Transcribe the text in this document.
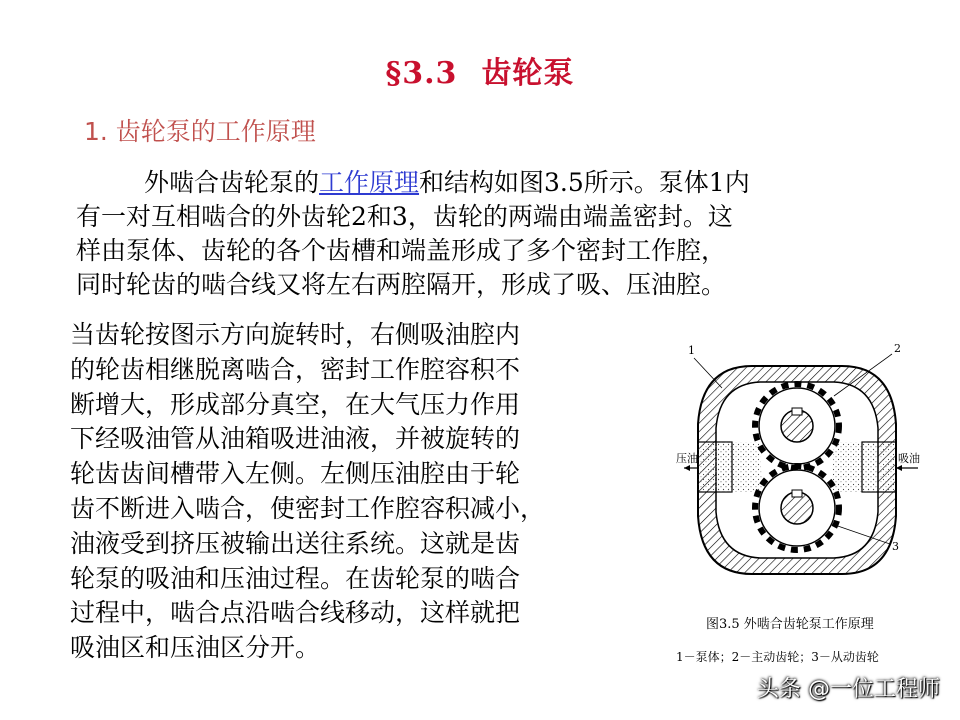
§3.3 齿轮泵
1. 齿轮泵的工作原理
外啮合齿轮泵的工作原理和结构如图3.5所示。泵体1内
有一对互相啮合的外齿轮2和3，齿轮的两端由端盖密封。这
样由泵体、齿轮的各个齿槽和端盖形成了多个密封工作腔，
同时轮齿的啮合线又将左右两腔隔开，形成了吸、压油腔。
当齿轮按图示方向旋转时，右侧吸油腔内
的轮齿相继脱离啮合，密封工作腔容积不
断增大，形成部分真空，在大气压力作用
下经吸油管从油箱吸进油液，并被旋转的
轮齿齿间槽带入左侧。左侧压油腔由于轮
齿不断进入啮合，使密封工作腔容积减小，
油液受到挤压被输出送往系统。这就是齿
轮泵的吸油和压油过程。在齿轮泵的啮合
过程中，啮合点沿啮合线移动，这样就把
吸油区和压油区分开。
压油	吸油
1	2
3
图3.5 外啮合齿轮泵工作原理
1－泵体；2－主动齿轮；3－从动齿轮
头条 @一位工程师
